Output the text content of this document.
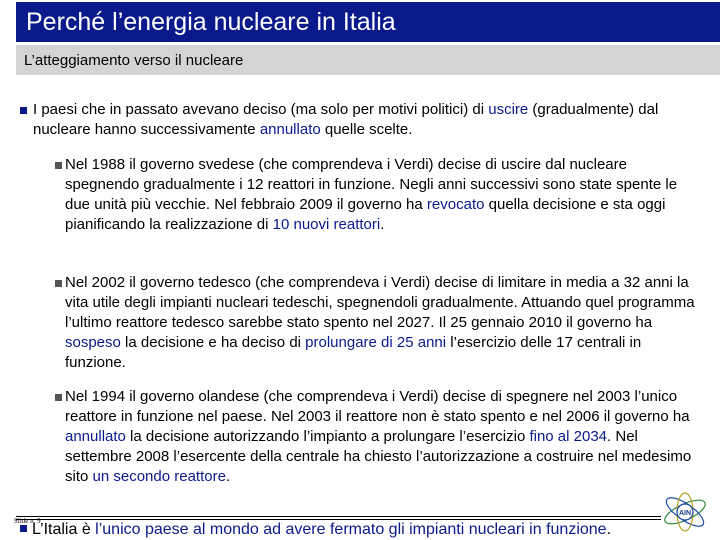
Perché l’energia nucleare in Italia
L’atteggiamento verso il nucleare
I paesi che in passato avevano deciso (ma solo per motivi politici) di uscire (gradualmente) dal nucleare hanno successivamente annullato quelle scelte.
Nel 1988 il governo svedese (che comprendeva i Verdi) decise di uscire dal nucleare spegnendo gradualmente i 12 reattori in funzione. Negli anni successivi sono state spente le due unità più vecchie. Nel febbraio 2009 il governo ha revocato quella decisione e sta oggi pianificando la realizzazione di 10 nuovi reattori.
Nel 2002 il governo tedesco (che comprendeva i Verdi) decise di limitare in media a 32 anni la vita utile degli impianti nucleari tedeschi, spegnendoli gradualmente. Attuando quel programma l’ultimo reattore tedesco sarebbe stato spento nel 2027. Il 25 gennaio 2010 il governo ha sospeso la decisione e ha deciso di prolungare di 25 anni l’esercizio delle 17 centrali in funzione.
Nel 1994 il governo olandese (che comprendeva i Verdi) decise di spegnere nel 2003 l’unico reattore in funzione nel paese. Nel 2003 il reattore non è stato spento e nel 2006 il governo ha annullato la decisione autorizzando l’impianto a prolungare l’esercizio fino al 2034. Nel settembre 2008 l’esercente della centrale ha chiesto l’autorizzazione a costruire nel medesimo sito un secondo reattore.
Slide n. 9
L’Italia è l’unico paese al mondo ad avere fermato gli impianti nucleari in funzione.
AIN
